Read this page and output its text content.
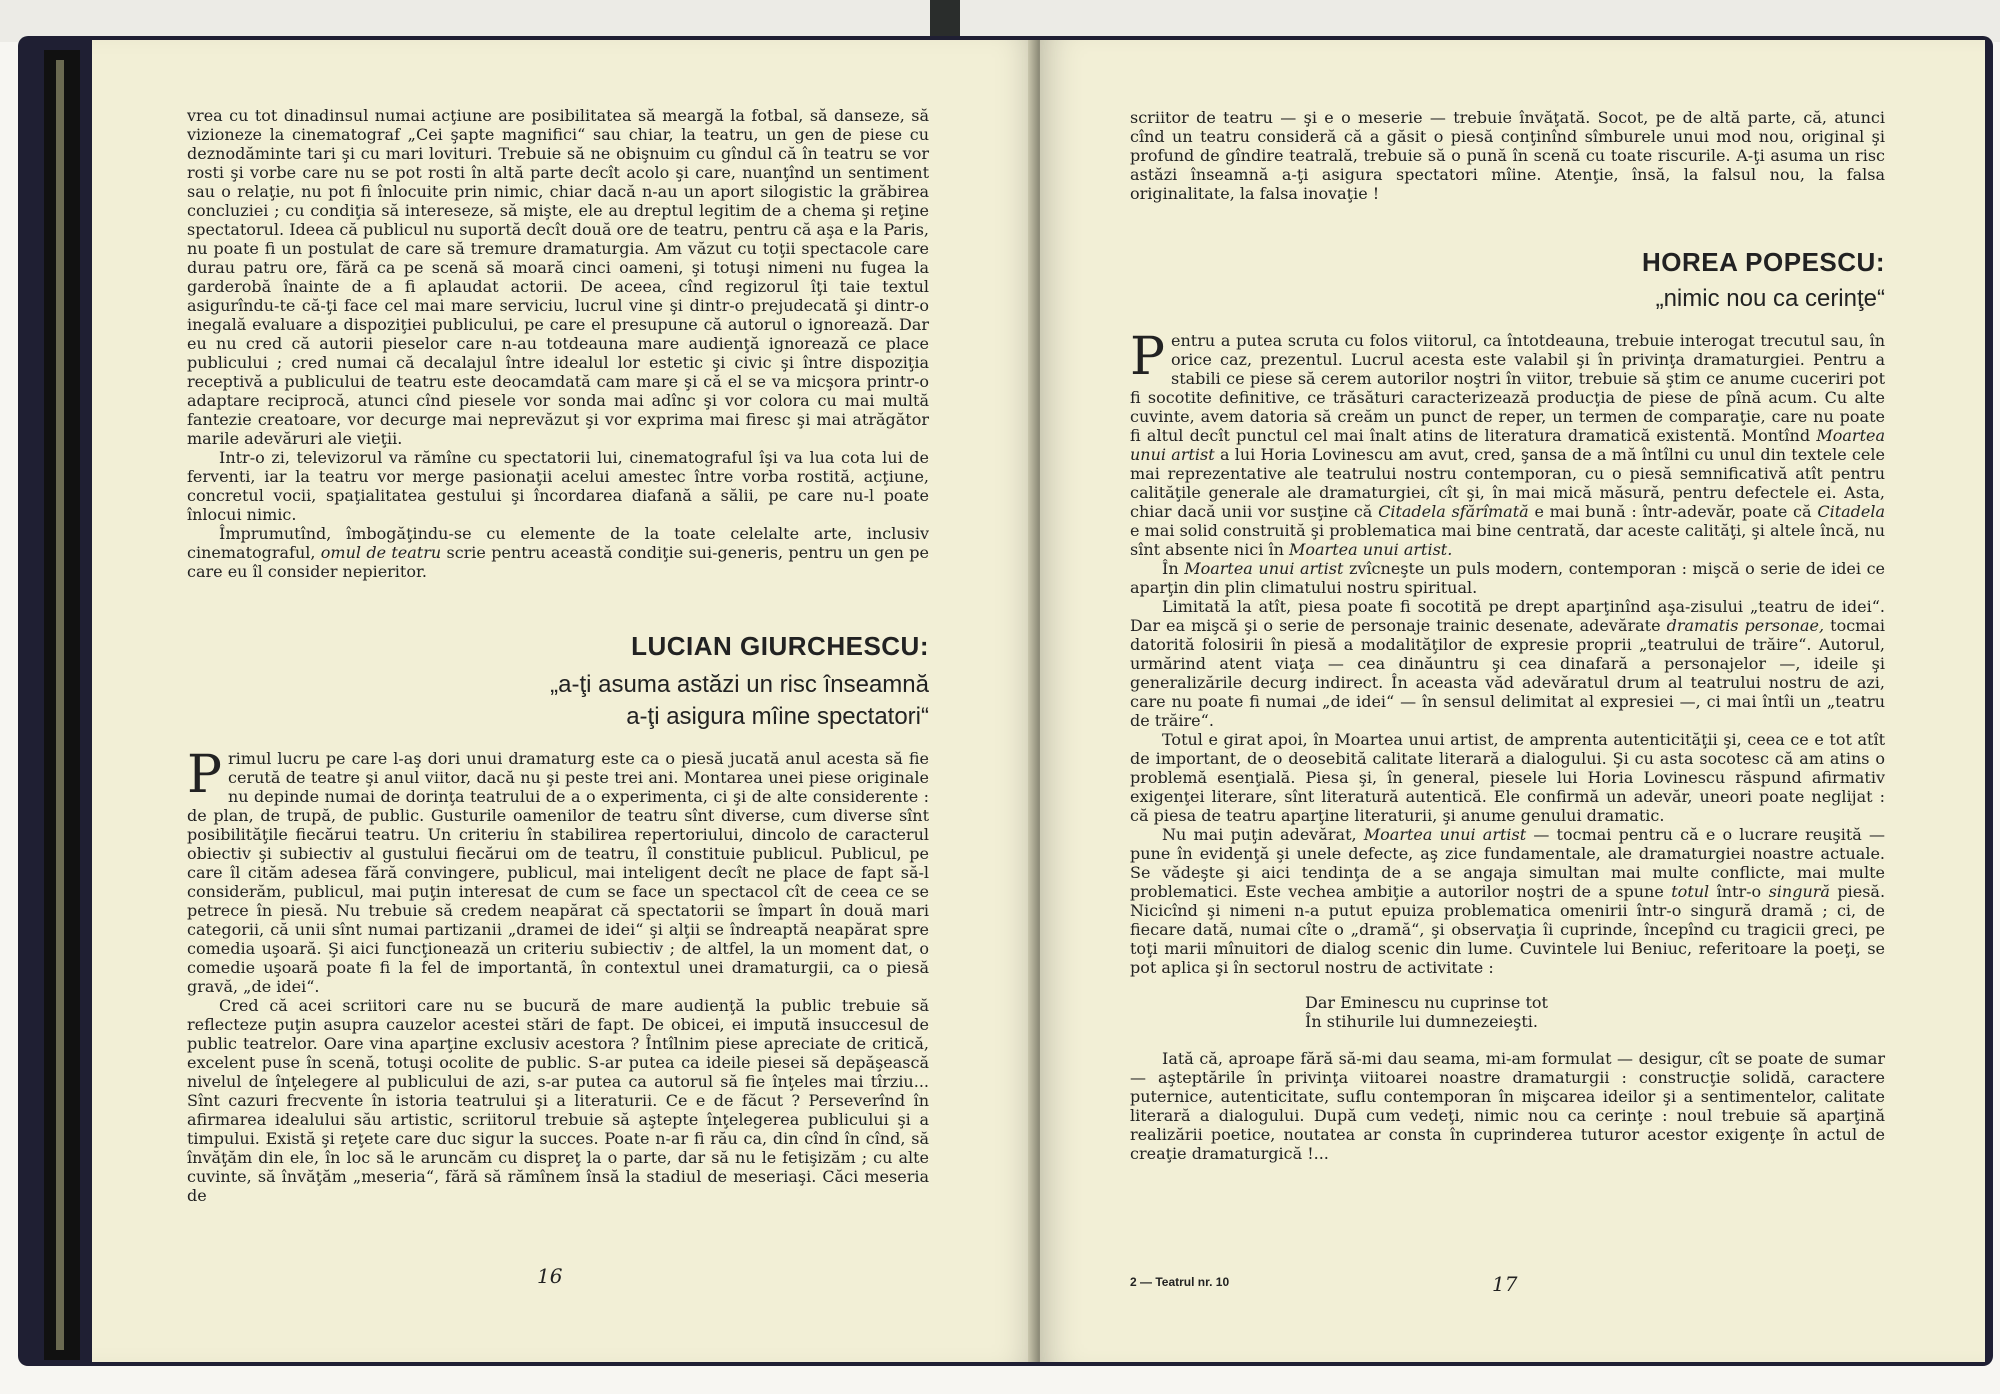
vrea cu tot dinadinsul numai acţiune are posibilitatea să meargă la fotbal, să danseze, să vizioneze la cinematograf „Cei şapte magnifici“ sau chiar, la teatru, un gen de piese cu deznodăminte tari şi cu mari lovituri. Trebuie să ne obişnuim cu gîndul că în teatru se vor rosti şi vorbe care nu se pot rosti în altă parte decît acolo şi care, nuanţînd un sentiment sau o relaţie, nu pot fi înlocuite prin nimic, chiar dacă n-au un aport silogistic la grăbirea concluziei ; cu condiţia să intereseze, să mişte, ele au dreptul legitim de a chema şi reţine spectatorul. Ideea că publicul nu suportă decît două ore de teatru, pentru că aşa e la Paris, nu poate fi un postulat de care să tremure dramaturgia. Am văzut cu toţii spectacole care durau patru ore, fără ca pe scenă să moară cinci oameni, şi totuşi nimeni nu fugea la garderobă înainte de a fi aplaudat actorii. De aceea, cînd regizorul îţi taie textul asigurîndu-te că-ţi face cel mai mare serviciu, lucrul vine şi dintr-o prejudecată şi dintr-o inegală evaluare a dispoziţiei publicului, pe care el presupune că autorul o ignorează. Dar eu nu cred că autorii pieselor care n-au totdeauna mare audienţă ignorează ce place publicului ; cred numai că decalajul între idealul lor estetic şi civic şi între dispoziţia receptivă a publicului de teatru este deocamdată cam mare şi că el se va micşora printr-o adaptare reciprocă, atunci cînd piesele vor sonda mai adînc şi vor colora cu mai multă fantezie creatoare, vor decurge mai neprevăzut şi vor exprima mai firesc şi mai atrăgător marile adevăruri ale vieţii.

Intr-o zi, televizorul va rămîne cu spectatorii lui, cinematograful îşi va lua cota lui de ferventi, iar la teatru vor merge pasionaţii acelui amestec între vorba rostită, acţiune, concretul vocii, spaţialitatea gestului şi încordarea diafană a sălii, pe care nu-l poate înlocui nimic.

Împrumutînd, îmbogăţindu-se cu elemente de la toate celelalte arte, inclusiv cinematograful, omul de teatru scrie pentru această condiţie sui-generis, pentru un gen pe care eu îl consider nepieritor.

LUCIAN GIURCHESCU:
„a-ţi asuma astăzi un risc înseamnă
a-ţi asigura mîine spectatori“

P rimul lucru pe care l-aş dori unui dramaturg este ca o piesă jucată anul acesta să fie cerută de teatre şi anul viitor, dacă nu şi peste trei ani. Montarea unei piese originale nu depinde numai de dorinţa teatrului de a o experimenta, ci şi de alte considerente : de plan, de trupă, de public. Gusturile oamenilor de teatru sînt diverse, cum diverse sînt posibilităţile fiecărui teatru. Un criteriu în stabilirea repertoriului, dincolo de caracterul obiectiv şi subiectiv al gustului fiecărui om de teatru, îl constituie publicul. Publicul, pe care îl cităm adesea fără convingere, publicul, mai inteligent decît ne place de fapt să-l considerăm, publicul, mai puţin interesat de cum se face un spectacol cît de ceea ce se petrece în piesă. Nu trebuie să credem neapărat că spectatorii se împart în două mari categorii, că unii sînt numai partizanii „dramei de idei“ şi alţii se îndreaptă neapărat spre comedia uşoară. Şi aici funcţionează un criteriu subiectiv ; de altfel, la un moment dat, o comedie uşoară poate fi la fel de importantă, în contextul unei dramaturgii, ca o piesă gravă, „de idei“.

Cred că acei scriitori care nu se bucură de mare audienţă la public trebuie să reflecteze puţin asupra cauzelor acestei stări de fapt. De obicei, ei impută insuccesul de public teatrelor. Oare vina aparţine exclusiv acestora ? Întîlnim piese apreciate de critică, excelent puse în scenă, totuşi ocolite de public. S-ar putea ca ideile piesei să depăşească nivelul de înţelegere al publicului de azi, s-ar putea ca autorul să fie înţeles mai tîrziu... Sînt cazuri frecvente în istoria teatrului şi a literaturii. Ce e de făcut ? Perseverînd în afirmarea idealului său artistic, scriitorul trebuie să aştepte înţelegerea publicului şi a timpului. Există şi reţete care duc sigur la succes. Poate n-ar fi rău ca, din cînd în cînd, să învăţăm din ele, în loc să le aruncăm cu dispreţ la o parte, dar să nu le fetişizăm ; cu alte cuvinte, să învăţăm „meseria“, fără să rămînem însă la stadiul de meseriaşi. Căci meseria de

16

scriitor de teatru — şi e o meserie — trebuie învăţată. Socot, pe de altă parte, că, atunci cînd un teatru consideră că a găsit o piesă conţinînd sîmburele unui mod nou, original şi profund de gîndire teatrală, trebuie să o pună în scenă cu toate riscurile. A-ţi asuma un risc astăzi înseamnă a-ţi asigura spectatori mîine. Atenţie, însă, la falsul nou, la falsa originalitate, la falsa inovaţie !

HOREA POPESCU:
„nimic nou ca cerinţe“

P entru a putea scruta cu folos viitorul, ca întotdeauna, trebuie interogat trecutul sau, în orice caz, prezentul. Lucrul acesta este valabil şi în privinţa dramaturgiei. Pentru a stabili ce piese să cerem autorilor noştri în viitor, trebuie să ştim ce anume cuceriri pot fi socotite definitive, ce trăsături caracterizează producţia de piese de pînă acum. Cu alte cuvinte, avem datoria să creăm un punct de reper, un termen de comparaţie, care nu poate fi altul decît punctul cel mai înalt atins de literatura dramatică existentă. Montînd Moartea unui artist a lui Horia Lovinescu am avut, cred, şansa de a mă întîlni cu unul din textele cele mai reprezentative ale teatrului nostru contemporan, cu o piesă semnificativă atît pentru calităţile generale ale dramaturgiei, cît şi, în mai mică măsură, pentru defectele ei. Asta, chiar dacă unii vor susţine că Citadela sfărîmată e mai bună : într-adevăr, poate că Citadela e mai solid construită şi problematica mai bine centrată, dar aceste calităţi, şi altele încă, nu sînt absente nici în Moartea unui artist.

În Moartea unui artist zvîcneşte un puls modern, contemporan : mişcă o serie de idei ce aparţin din plin climatului nostru spiritual.

Limitată la atît, piesa poate fi socotită pe drept aparţinînd aşa-zisului „teatru de idei“. Dar ea mişcă şi o serie de personaje trainic desenate, adevărate dramatis personae, tocmai datorită folosirii în piesă a modalităţilor de expresie proprii „teatrului de trăire“. Autorul, urmărind atent viaţa — cea dinăuntru şi cea dinafară a personajelor —, ideile şi generalizările decurg indirect. În aceasta văd adevăratul drum al teatrului nostru de azi, care nu poate fi numai „de idei“ — în sensul delimitat al expresiei —, ci mai întîi un „teatru de trăire“.

Totul e girat apoi, în Moartea unui artist, de amprenta autenticităţii şi, ceea ce e tot atît de important, de o deosebită calitate literară a dialogului. Şi cu asta socotesc că am atins o problemă esenţială. Piesa şi, în general, piesele lui Horia Lovinescu răspund afirmativ exigenţei literare, sînt literatură autentică. Ele confirmă un adevăr, uneori poate neglijat : că piesa de teatru aparţine literaturii, şi anume genului dramatic.

Nu mai puţin adevărat, Moartea unui artist — tocmai pentru că e o lucrare reuşită — pune în evidenţă şi unele defecte, aş zice fundamentale, ale dramaturgiei noastre actuale. Se vădeşte şi aici tendinţa de a se angaja simultan mai multe conflicte, mai multe problematici. Este vechea ambiţie a autorilor noştri de a spune totul într-o singură piesă. Nicicînd şi nimeni n-a putut epuiza problematica omenirii într-o singură dramă ; ci, de fiecare dată, numai cîte o „dramă“, şi observaţia îi cuprinde, începînd cu tragicii greci, pe toţi marii mînuitori de dialog scenic din lume. Cuvintele lui Beniuc, referitoare la poeţi, se pot aplica şi în sectorul nostru de activitate :

Dar Eminescu nu cuprinse tot
În stihurile lui dumnezeieşti.

Iată că, aproape fără să-mi dau seama, mi-am formulat — desigur, cît se poate de sumar — aşteptările în privinţa viitoarei noastre dramaturgii : construcţie solidă, caractere puternice, autenticitate, suflu contemporan în mişcarea ideilor şi a sentimentelor, calitate literară a dialogului. După cum vedeţi, nimic nou ca cerinţe : noul trebuie să aparţină realizării poetice, noutatea ar consta în cuprinderea tuturor acestor exigenţe în actul de creaţie dramaturgică !...

2 — Teatrul nr. 10	17
